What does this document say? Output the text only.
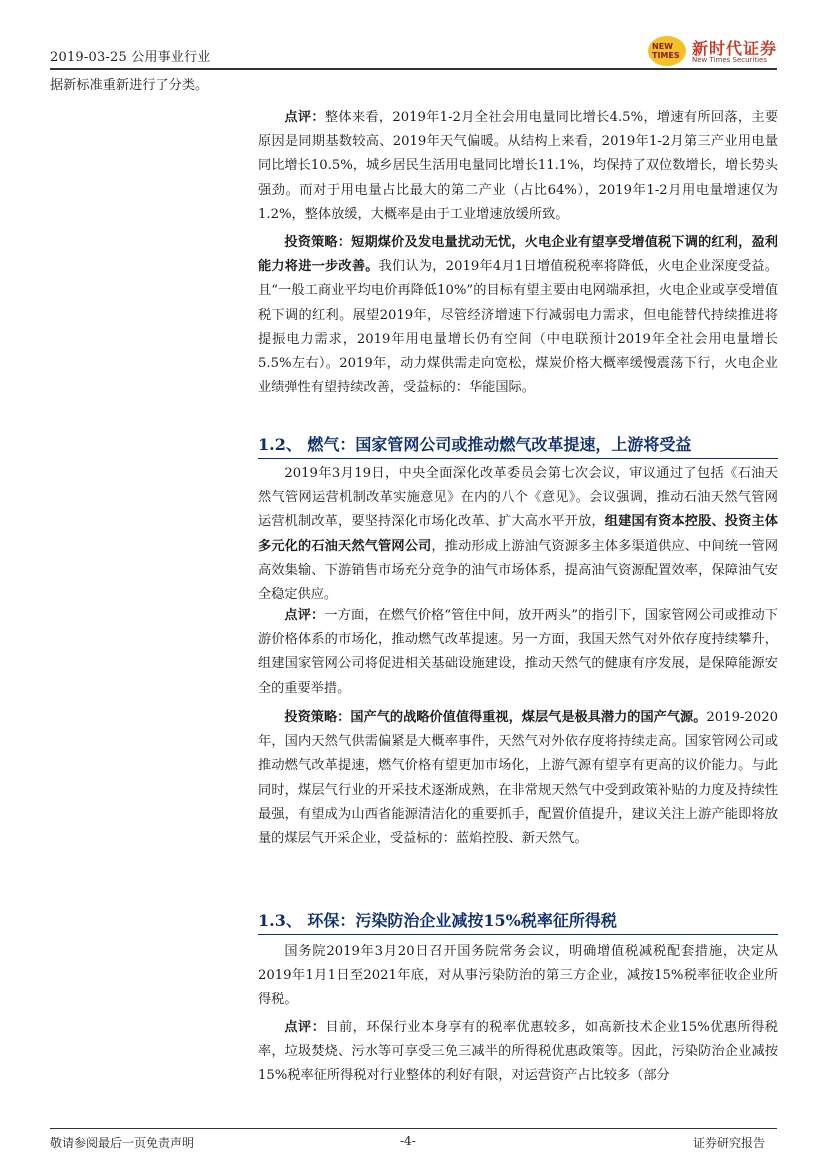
2019-03-25 公用事业行业
NEW
TIMES 新时代证券
New Times Securities

据新标准重新进行了分类。

点评：整体来看，2019年1-2月全社会用电量同比增长4.5%，增速有所回落，主要原因是同期基数较高、2019年天气偏暖。从结构上来看，2019年1-2月第三产业用电量同比增长10.5%，城乡居民生活用电量同比增长11.1%，均保持了双位数增长，增长势头强劲。而对于用电量占比最大的第二产业（占比64%），2019年1-2月用电量增速仅为1.2%，整体放缓，大概率是由于工业增速放缓所致。

投资策略：短期煤价及发电量扰动无忧，火电企业有望享受增值税下调的红利，盈利能力将进一步改善。我们认为，2019年4月1日增值税税率将降低，火电企业深度受益。且“一般工商业平均电价再降低10%”的目标有望主要由电网端承担，火电企业或享受增值税下调的红利。展望2019年，尽管经济增速下行减弱电力需求，但电能替代持续推进将提振电力需求，2019年用电量增长仍有空间（中电联预计2019年全社会用电量增长5.5%左右）。2019年，动力煤供需走向宽松，煤炭价格大概率缓慢震荡下行，火电企业业绩弹性有望持续改善，受益标的：华能国际。

1.2、 燃气：国家管网公司或推动燃气改革提速，上游将受益

2019年3月19日，中央全面深化改革委员会第七次会议，审议通过了包括《石油天然气管网运营机制改革实施意见》在内的八个《意见》。会议强调，推动石油天然气管网运营机制改革，要坚持深化市场化改革、扩大高水平开放，组建国有资本控股、投资主体多元化的石油天然气管网公司，推动形成上游油气资源多主体多渠道供应、中间统一管网高效集输、下游销售市场充分竞争的油气市场体系，提高油气资源配置效率，保障油气安全稳定供应。

点评：一方面，在燃气价格“管住中间，放开两头”的指引下，国家管网公司或推动下游价格体系的市场化，推动燃气改革提速。另一方面，我国天然气对外依存度持续攀升，组建国家管网公司将促进相关基础设施建设，推动天然气的健康有序发展，是保障能源安全的重要举措。

投资策略：国产气的战略价值值得重视，煤层气是极具潜力的国产气源。2019-2020年，国内天然气供需偏紧是大概率事件，天然气对外依存度将持续走高。国家管网公司或推动燃气改革提速，燃气价格有望更加市场化，上游气源有望享有更高的议价能力。与此同时，煤层气行业的开采技术逐渐成熟，在非常规天然气中受到政策补贴的力度及持续性最强，有望成为山西省能源清洁化的重要抓手，配置价值提升，建议关注上游产能即将放量的煤层气开采企业，受益标的：蓝焰控股、新天然气。

1.3、 环保：污染防治企业减按15%税率征所得税

国务院2019年3月20日召开国务院常务会议，明确增值税减税配套措施，决定从2019年1月1日至2021年底，对从事污染防治的第三方企业，减按15%税率征收企业所得税。

点评：目前，环保行业本身享有的税率优惠较多，如高新技术企业15%优惠所得税率，垃圾焚烧、污水等可享受三免三减半的所得税优惠政策等。因此，污染防治企业减按15%税率征所得税对行业整体的利好有限，对运营资产占比较多（部分

敬请参阅最后一页免责声明	-4-	证券研究报告
